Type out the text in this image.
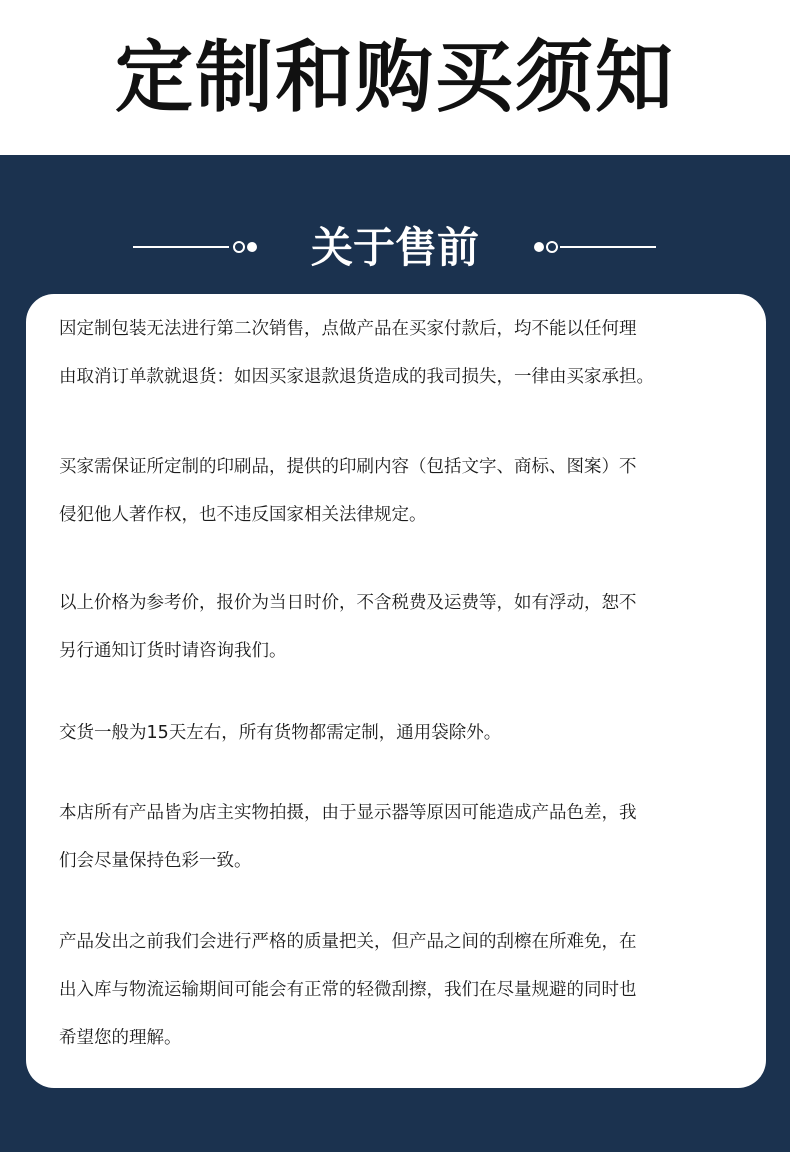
定制和购买须知
关于售前
因定制包装无法进行第二次销售，点做产品在买家付款后，均不能以任何理
由取消订单款就退货：如因买家退款退货造成的我司损失，一律由买家承担。
买家需保证所定制的印刷品，提供的印刷内容（包括文字、商标、图案）不
侵犯他人著作权，也不违反国家相关法律规定。
以上价格为参考价，报价为当日时价，不含税费及运费等，如有浮动，恕不
另行通知订货时请咨询我们。
交货一般为15天左右，所有货物都需定制，通用袋除外。
本店所有产品皆为店主实物拍摄，由于显示器等原因可能造成产品色差，我
们会尽量保持色彩一致。
产品发出之前我们会进行严格的质量把关，但产品之间的刮檫在所难免，在
出入库与物流运输期间可能会有正常的轻微刮擦，我们在尽量规避的同时也
希望您的理解。
